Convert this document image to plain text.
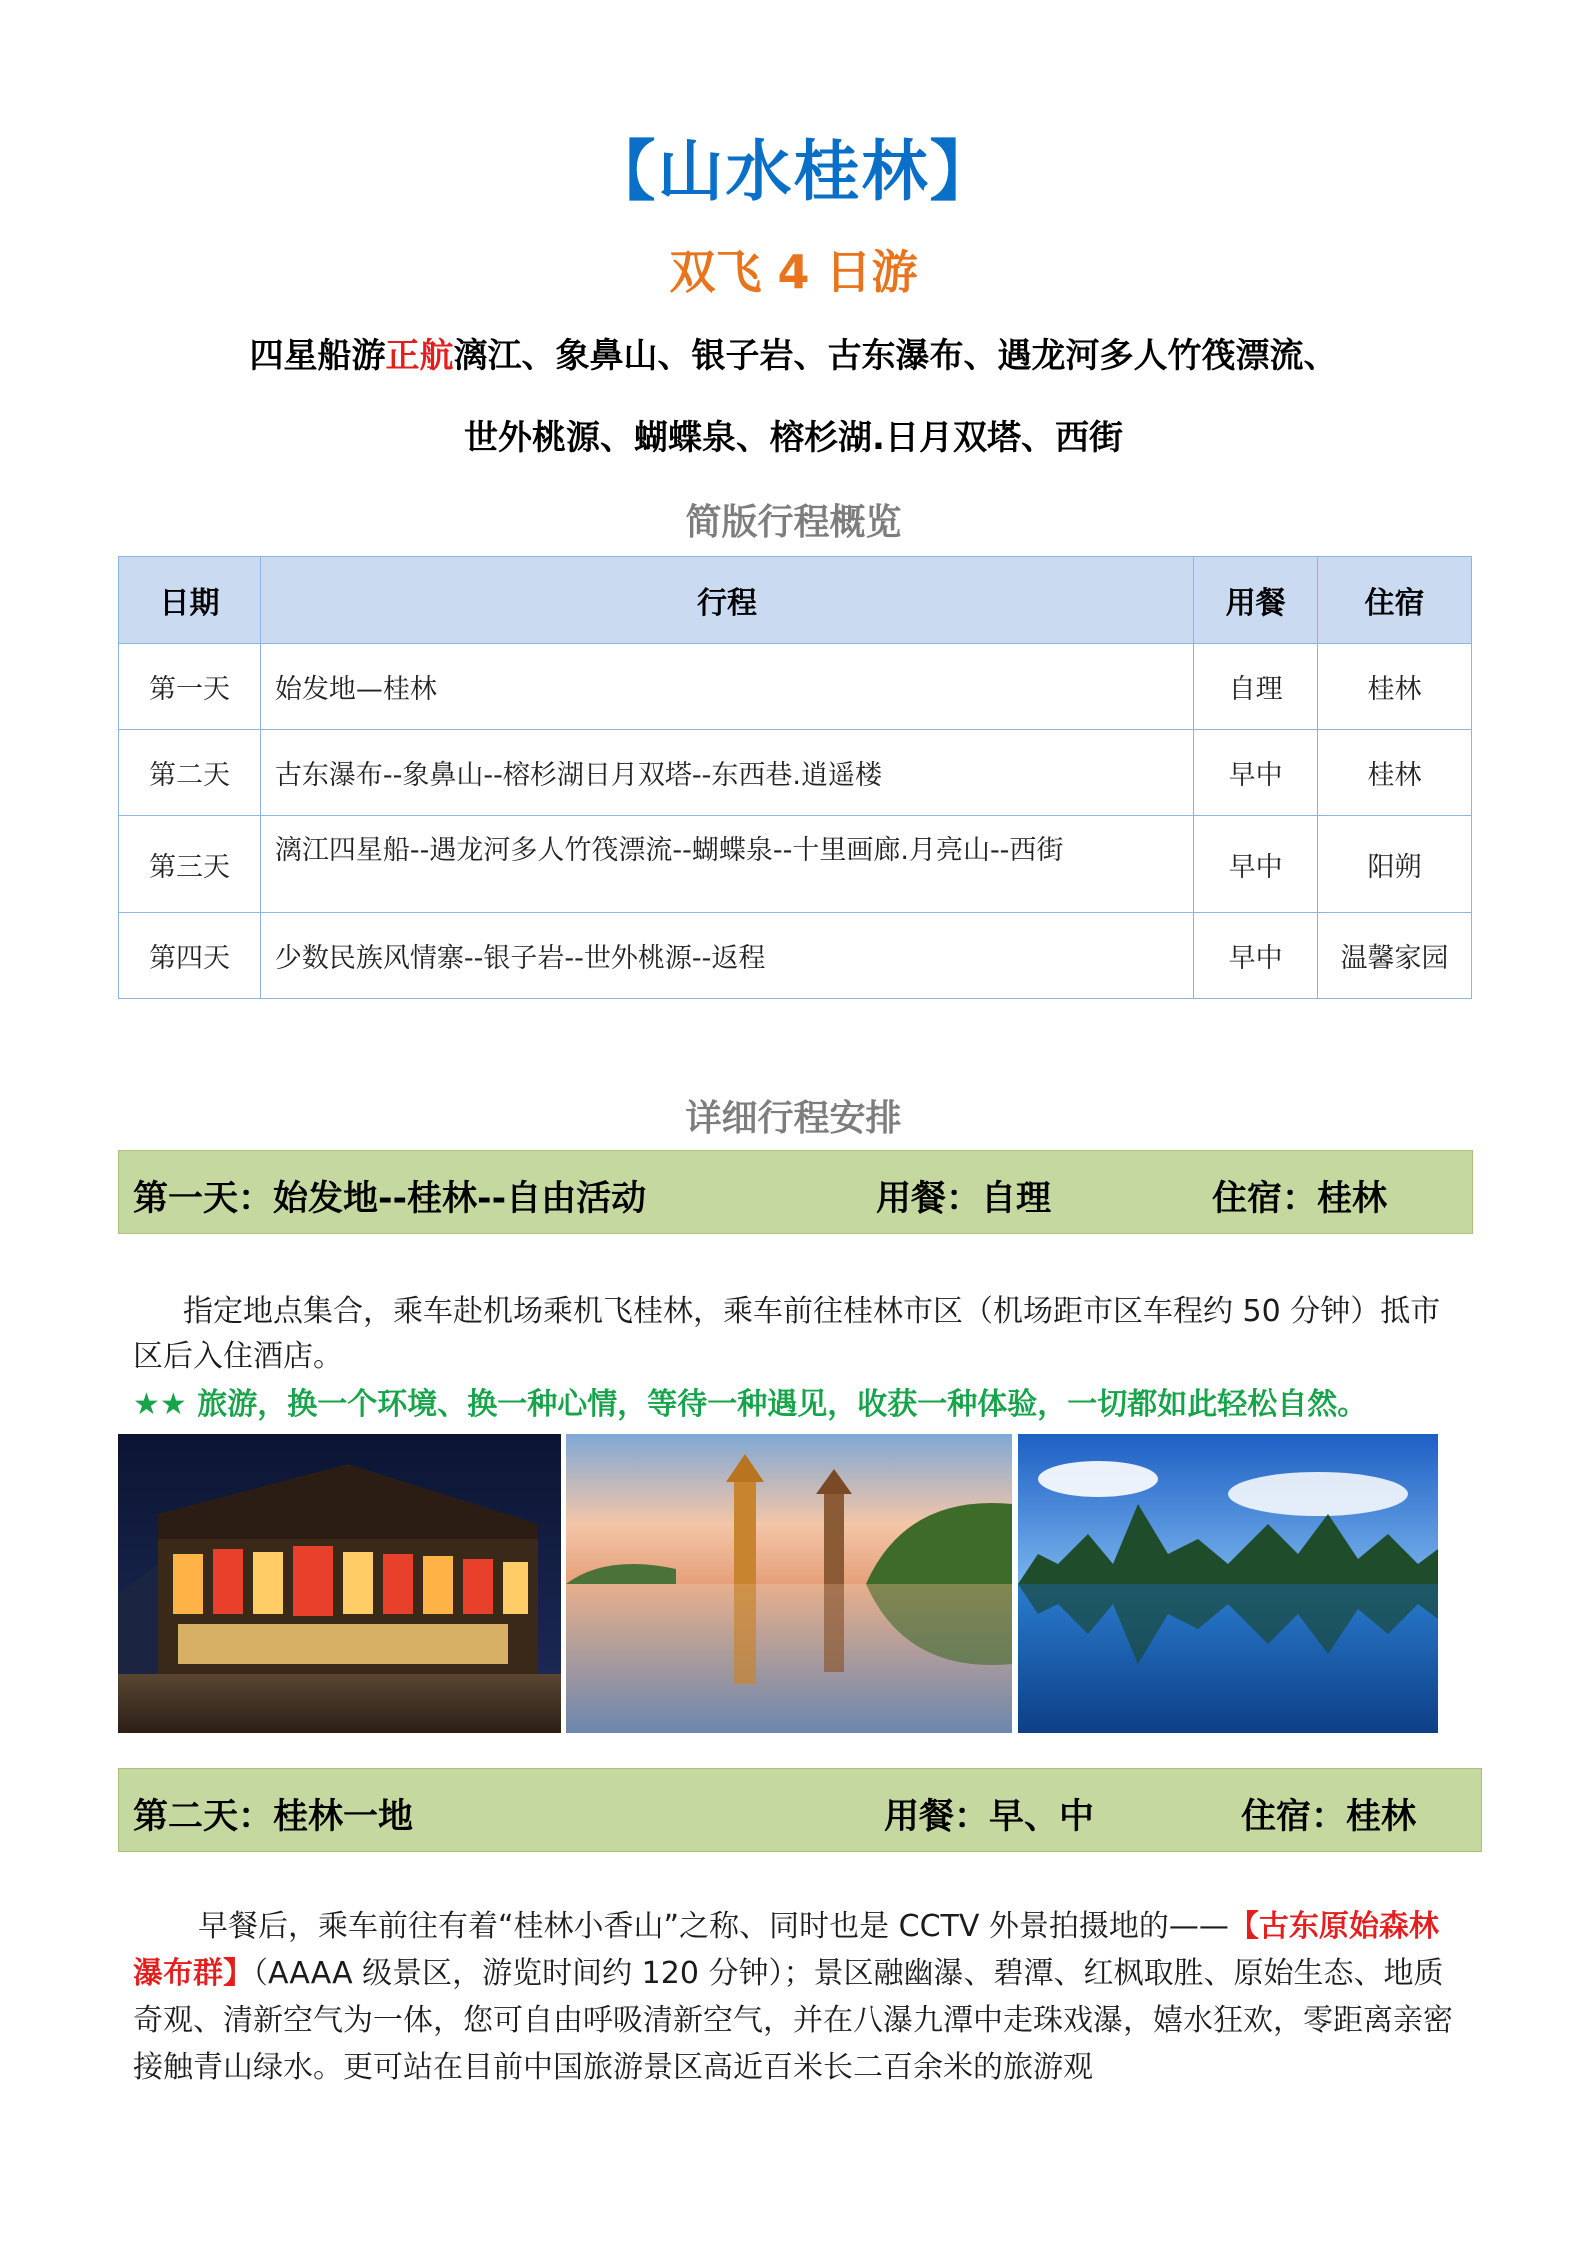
【山水桂林】
双飞 4 日游
四星船游正航漓江、象鼻山、银子岩、古东瀑布、遇龙河多人竹筏漂流、
世外桃源、蝴蝶泉、榕杉湖.日月双塔、西街
简版行程概览
日期	行程	用餐	住宿
第一天	始发地—桂林	自理	桂林
第二天	古东瀑布--象鼻山--榕杉湖日月双塔--东西巷.逍遥楼	早中	桂林
第三天	漓江四星船--遇龙河多人竹筏漂流--蝴蝶泉--十里画廊.月亮山--西街	早中	阳朔
第四天	少数民族风情寨--银子岩--世外桃源--返程	早中	温馨家园
详细行程安排
第一天：始发地--桂林--自由活动	用餐：自理	住宿：桂林
指定地点集合，乘车赴机场乘机飞桂林，乘车前往桂林市区（机场距市区车程约 50 分钟）抵市区后入住酒店。
★★ 旅游，换一个环境、换一种心情，等待一种遇见，收获一种体验，一切都如此轻松自然。
第二天：桂林一地	用餐：早、中	住宿：桂林
早餐后，乘车前往有着“桂林小香山”之称、同时也是 CCTV 外景拍摄地的——【古东原始森林瀑布群】（AAAA 级景区，游览时间约 120 分钟）；景区融幽瀑、碧潭、红枫取胜、原始生态、地质奇观、清新空气为一体，您可自由呼吸清新空气，并在八瀑九潭中走珠戏瀑，嬉水狂欢，零距离亲密接触青山绿水。更可站在目前中国旅游景区高近百米长二百余米的旅游观
